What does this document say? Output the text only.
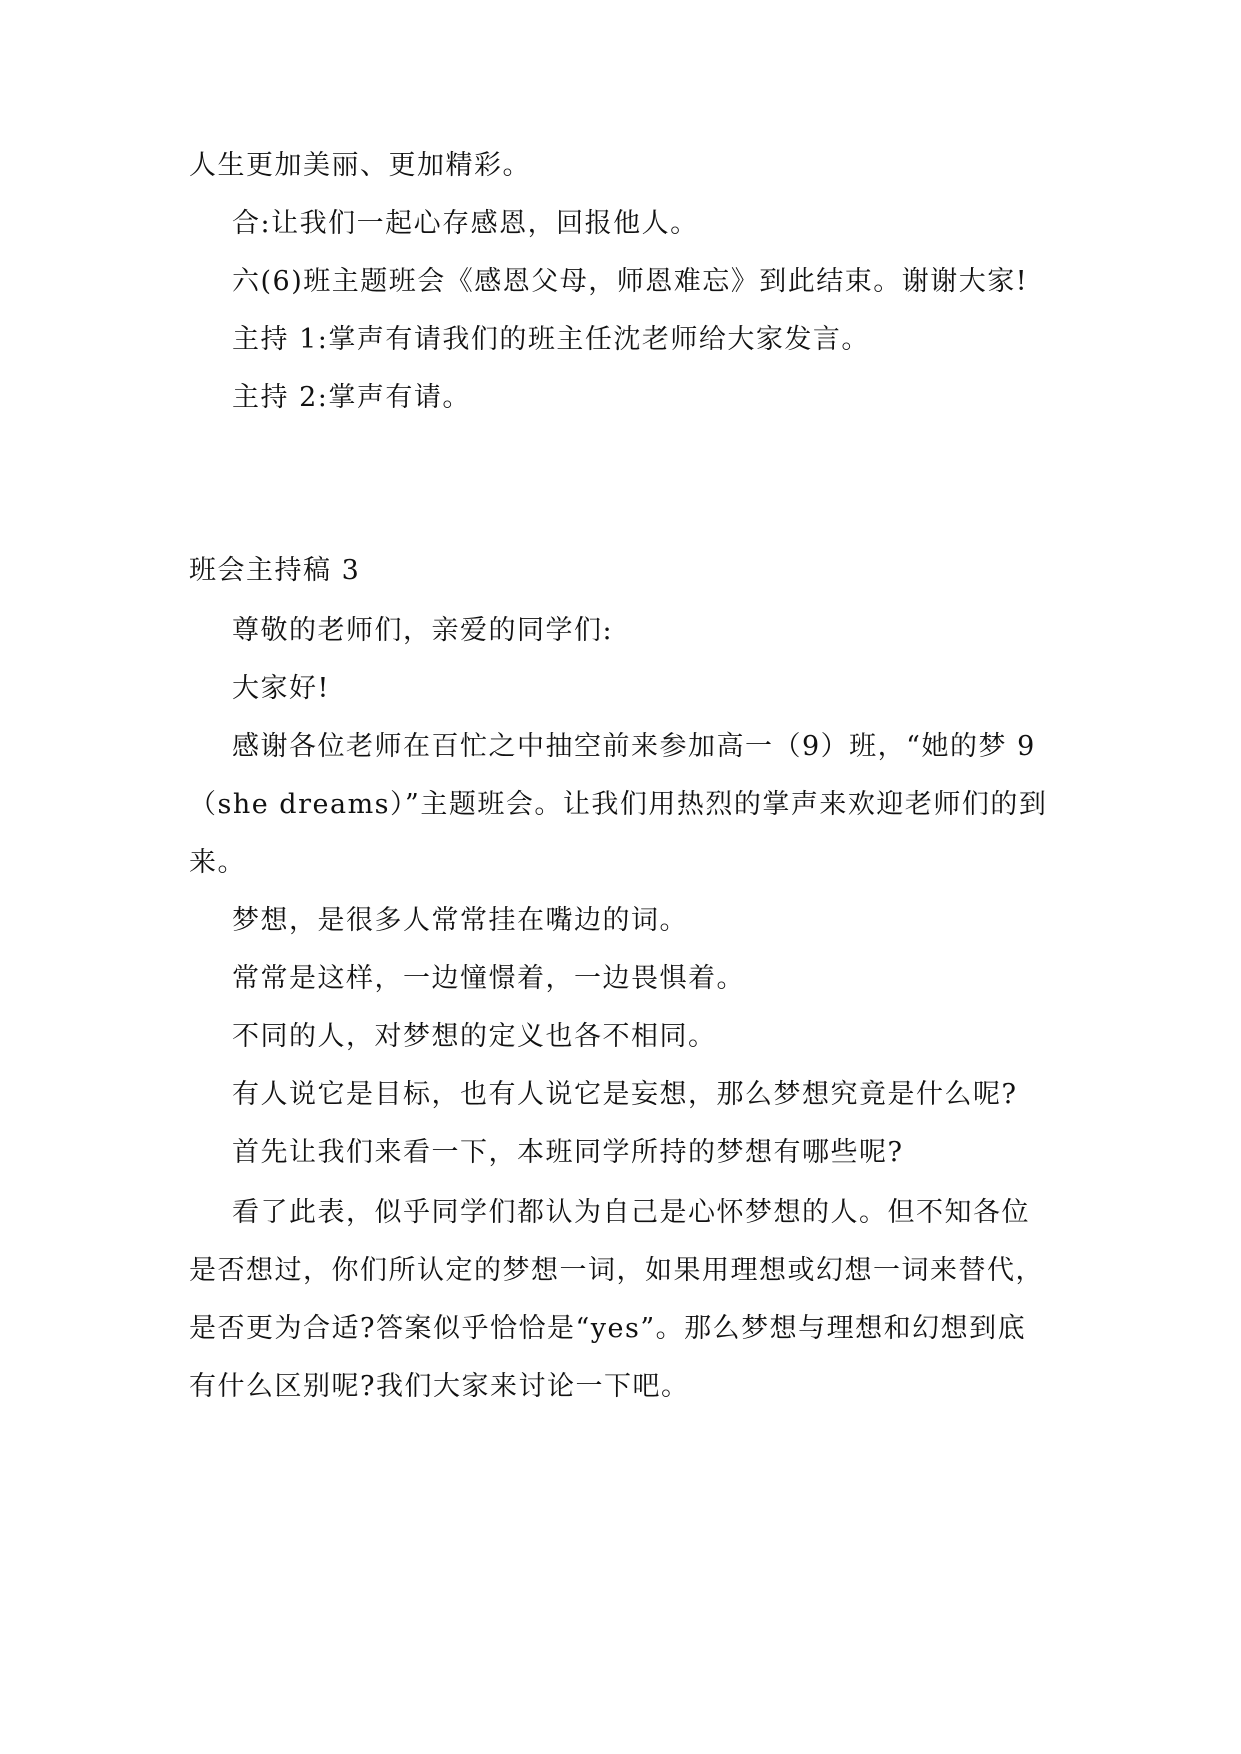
人生更加美丽、更加精彩。
合:让我们一起心存感恩，回报他人。
六(6)班主题班会《感恩父母，师恩难忘》到此结束。谢谢大家!
主持 1:掌声有请我们的班主任沈老师给大家发言。
主持 2:掌声有请。
班会主持稿 3
尊敬的老师们，亲爱的同学们:
大家好!
感谢各位老师在百忙之中抽空前来参加高一（9）班，“她的梦 9
（she dreams）”主题班会。让我们用热烈的掌声来欢迎老师们的到
来。
梦想，是很多人常常挂在嘴边的词。
常常是这样，一边憧憬着，一边畏惧着。
不同的人，对梦想的定义也各不相同。
有人说它是目标，也有人说它是妄想，那么梦想究竟是什么呢?
首先让我们来看一下，本班同学所持的梦想有哪些呢?
看了此表，似乎同学们都认为自己是心怀梦想的人。但不知各位
是否想过，你们所认定的梦想一词，如果用理想或幻想一词来替代，
是否更为合适?答案似乎恰恰是“yes”。那么梦想与理想和幻想到底
有什么区别呢?我们大家来讨论一下吧。
